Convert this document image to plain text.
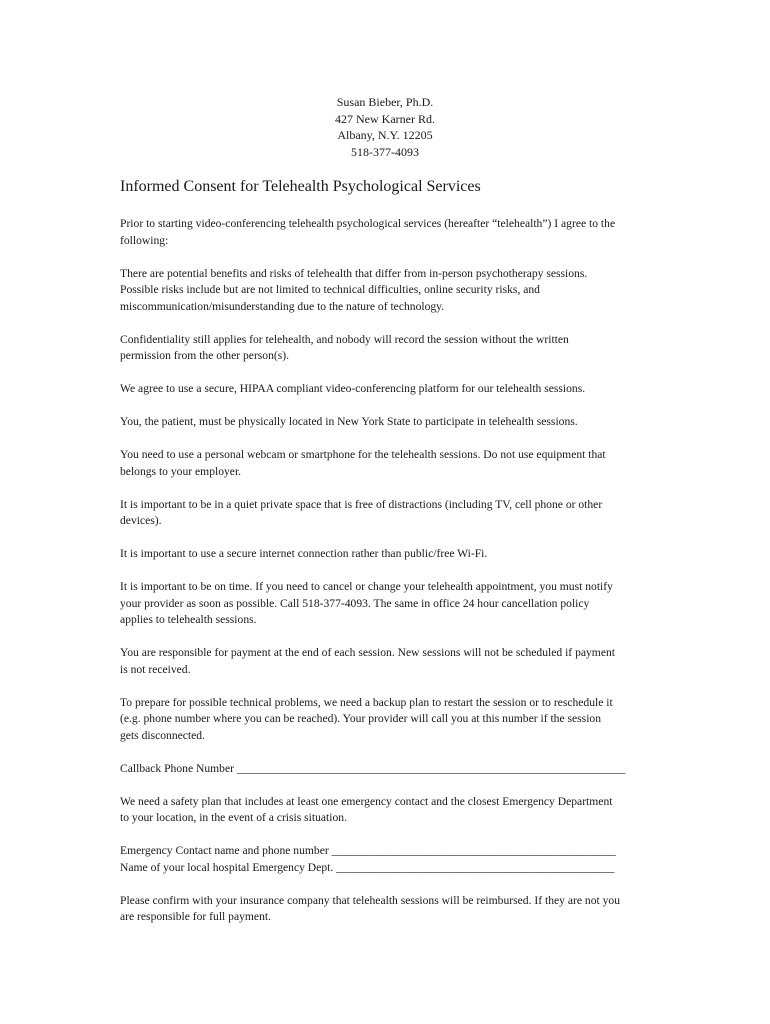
Susan Bieber, Ph.D.
427 New Karner Rd.
Albany, N.Y. 12205
518-377-4093
Informed Consent for Telehealth Psychological Services
Prior to starting video-conferencing telehealth psychological services (hereafter “telehealth”) I agree to the
following:
There are potential benefits and risks of telehealth that differ from in-person psychotherapy sessions.
Possible risks include but are not limited to technical difficulties, online security risks, and
miscommunication/misunderstanding due to the nature of technology.
Confidentiality still applies for telehealth, and nobody will record the session without the written
permission from the other person(s).
We agree to use a secure, HIPAA compliant video-conferencing platform for our telehealth sessions.
You, the patient, must be physically located in New York State to participate in telehealth sessions.
You need to use a personal webcam or smartphone for the telehealth sessions. Do not use equipment that
belongs to your employer.
It is important to be in a quiet private space that is free of distractions (including TV, cell phone or other
devices).
It is important to use a secure internet connection rather than public/free Wi-Fi.
It is important to be on time. If you need to cancel or change your telehealth appointment, you must notify
your provider as soon as possible. Call 518-377-4093. The same in office 24 hour cancellation policy
applies to telehealth sessions.
You are responsible for payment at the end of each session. New sessions will not be scheduled if payment
is not received.
To prepare for possible technical problems, we need a backup plan to restart the session or to reschedule it
(e.g. phone number where you can be reached). Your provider will call you at this number if the session
gets disconnected.
Callback Phone Number ___________________________________________________________________
We need a safety plan that includes at least one emergency contact and the closest Emergency Department
to your location, in the event of a crisis situation.
Emergency Contact name and phone number _________________________________________________
Name of your local hospital Emergency Dept. ________________________________________________
Please confirm with your insurance company that telehealth sessions will be reimbursed. If they are not you
are responsible for full payment.
